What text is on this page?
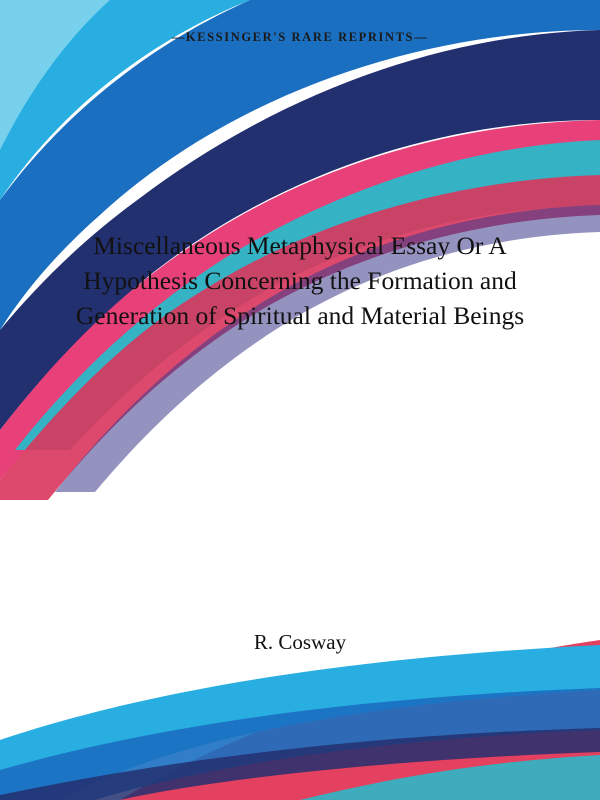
—KESSINGER'S RARE REPRINTS—
Miscellaneous Metaphysical Essay Or A Hypothesis Concerning the Formation and Generation of Spiritual and Material Beings

R. Cosway
